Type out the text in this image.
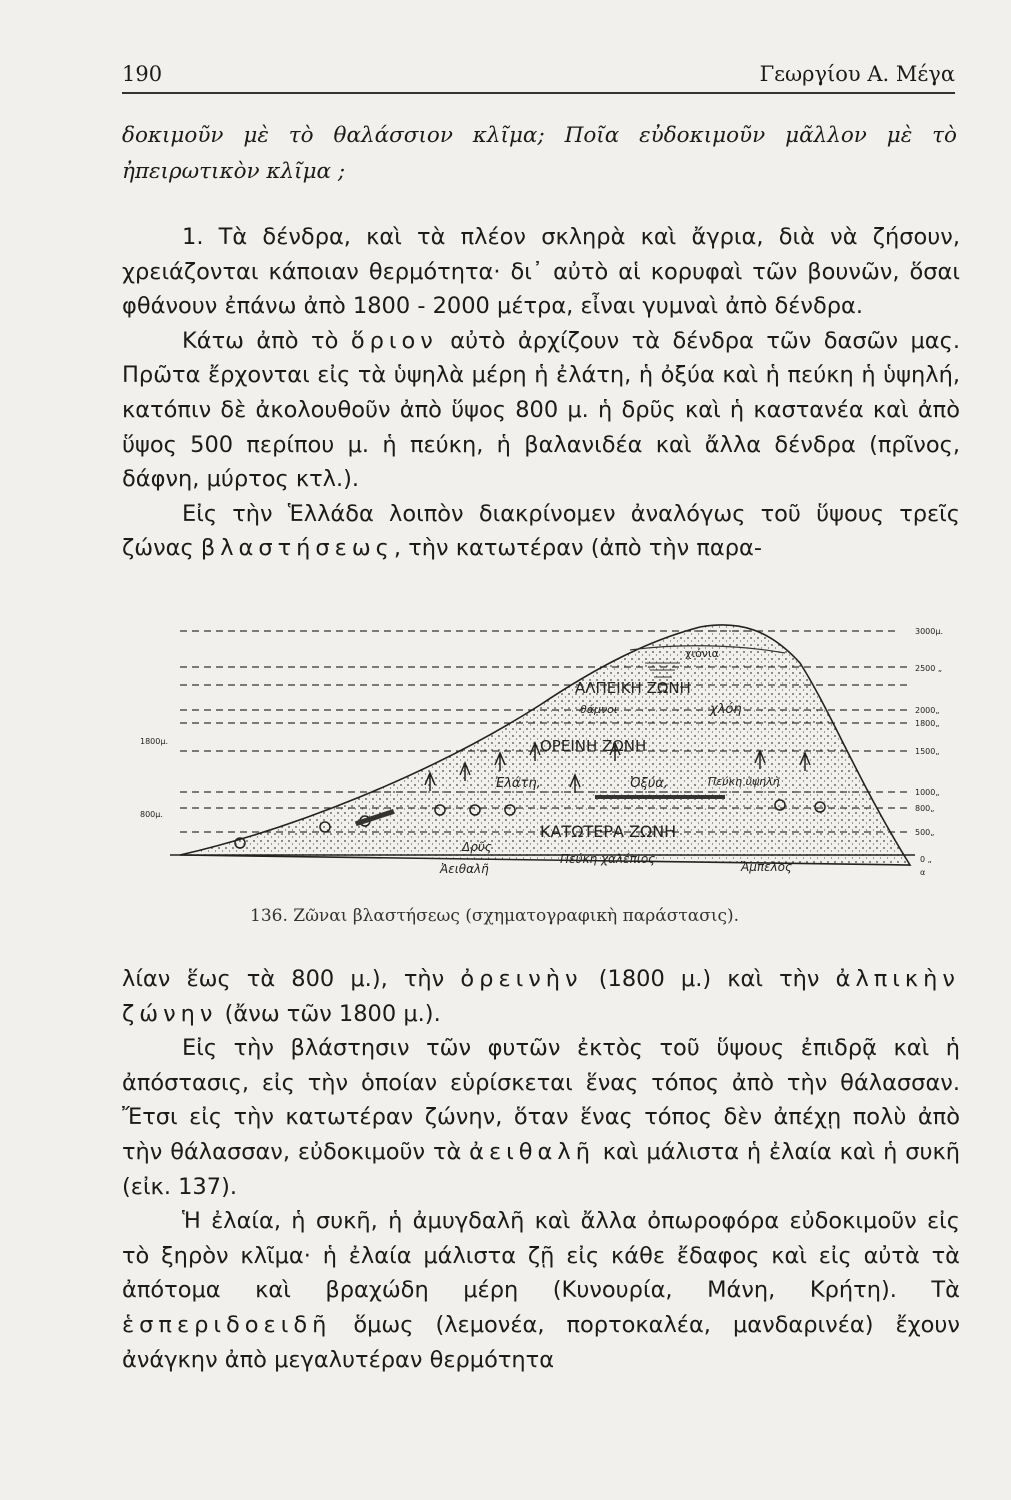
190	Γεωργίου Α. Μέγα

δοκιμοῦν μὲ τὸ θαλάσσιον κλῖμα; Ποῖα εὐδοκιμοῦν μᾶλλον μὲ τὸ ἠπειρωτικὸν κλῖμα ;

1. Τὰ δένδρα, καὶ τὰ πλέον σκληρὰ καὶ ἄγρια, διὰ νὰ ζήσουν, χρειάζονται κάποιαν θερμότητα· δι᾽ αὐτὸ αἱ κορυφαὶ τῶν βουνῶν, ὅσαι φθάνουν ἐπάνω ἀπὸ 1800 - 2000 μέτρα, εἶναι γυμναὶ ἀπὸ δένδρα.

Κάτω ἀπὸ τὸ ὅριον αὐτὸ ἀρχίζουν τὰ δένδρα τῶν δασῶν μας. Πρῶτα ἔρχονται εἰς τὰ ὑψηλὰ μέρη ἡ ἐλάτη, ἡ ὀξύα καὶ ἡ πεύκη ἡ ὑψηλή, κατόπιν δὲ ἀκολουθοῦν ἀπὸ ὕψος 800 μ. ἡ δρῦς καὶ ἡ καστανέα καὶ ἀπὸ ὕψος 500 περίπου μ. ἡ πεύκη, ἡ βαλανιδέα καὶ ἄλλα δένδρα (πρῖνος, δάφνη, μύρτος κτλ.).

Εἰς τὴν Ἑλλάδα λοιπὸν διακρίνομεν ἀναλόγως τοῦ ὕψους τρεῖς ζώνας βλαστήσεως, τὴν κατωτέραν (ἀπὸ τὴν παρα-

χιόνια
ΑΛΠΕΙΚΗ ΖΩΝΗ
θάμνοι	χλόη
ΟΡΕΙΝΗ ΖΩΝΗ
Ἐλάτη,	Ὀξύα,	Πεύκη ὑψηλὴ
ΚΑΤΩΤΕΡΑ ΖΩΝΗ
Δρῦς
Ἀειθαλῆ
Πεύκη χαλέπιος
Ἄμπελος
3000μ.
2500 „
2000„
1800„
1500„
1000„
800„
500„
0 „
α
1800μ.
800μ.
136. Ζῶναι βλαστήσεως (σχηματογραφικὴ παράστασις).

λίαν ἕως τὰ 800 μ.), τὴν ὀρεινὴν (1800 μ.) καὶ τὴν ἀλπικὴν ζώνην (ἄνω τῶν 1800 μ.).

Εἰς τὴν βλάστησιν τῶν φυτῶν ἐκτὸς τοῦ ὕψους ἐπιδρᾷ καὶ ἡ ἀπόστασις, εἰς τὴν ὁποίαν εὑρίσκεται ἕνας τόπος ἀπὸ τὴν θάλασσαν. Ἔτσι εἰς τὴν κατωτέραν ζώνην, ὅταν ἕνας τόπος δὲν ἀπέχῃ πολὺ ἀπὸ τὴν θάλασσαν, εὐδοκιμοῦν τὰ ἀειθαλῆ καὶ μάλιστα ἡ ἐλαία καὶ ἡ συκῆ (εἰκ. 137).

Ἡ ἐλαία, ἡ συκῆ, ἡ ἀμυγδαλῆ καὶ ἄλλα ὀπωροφόρα εὐδοκιμοῦν εἰς τὸ ξηρὸν κλῖμα· ἡ ἐλαία μάλιστα ζῇ εἰς κάθε ἔδαφος καὶ εἰς αὐτὰ τὰ ἀπότομα καὶ βραχώδη μέρη (Κυνουρία, Μάνη, Κρήτη). Τὰ ἑσπεριδοειδῆ ὅμως (λεμονέα, πορτοκαλέα, μανδαρινέα) ἔχουν ἀνάγκην ἀπὸ μεγαλυτέραν θερμότητα
